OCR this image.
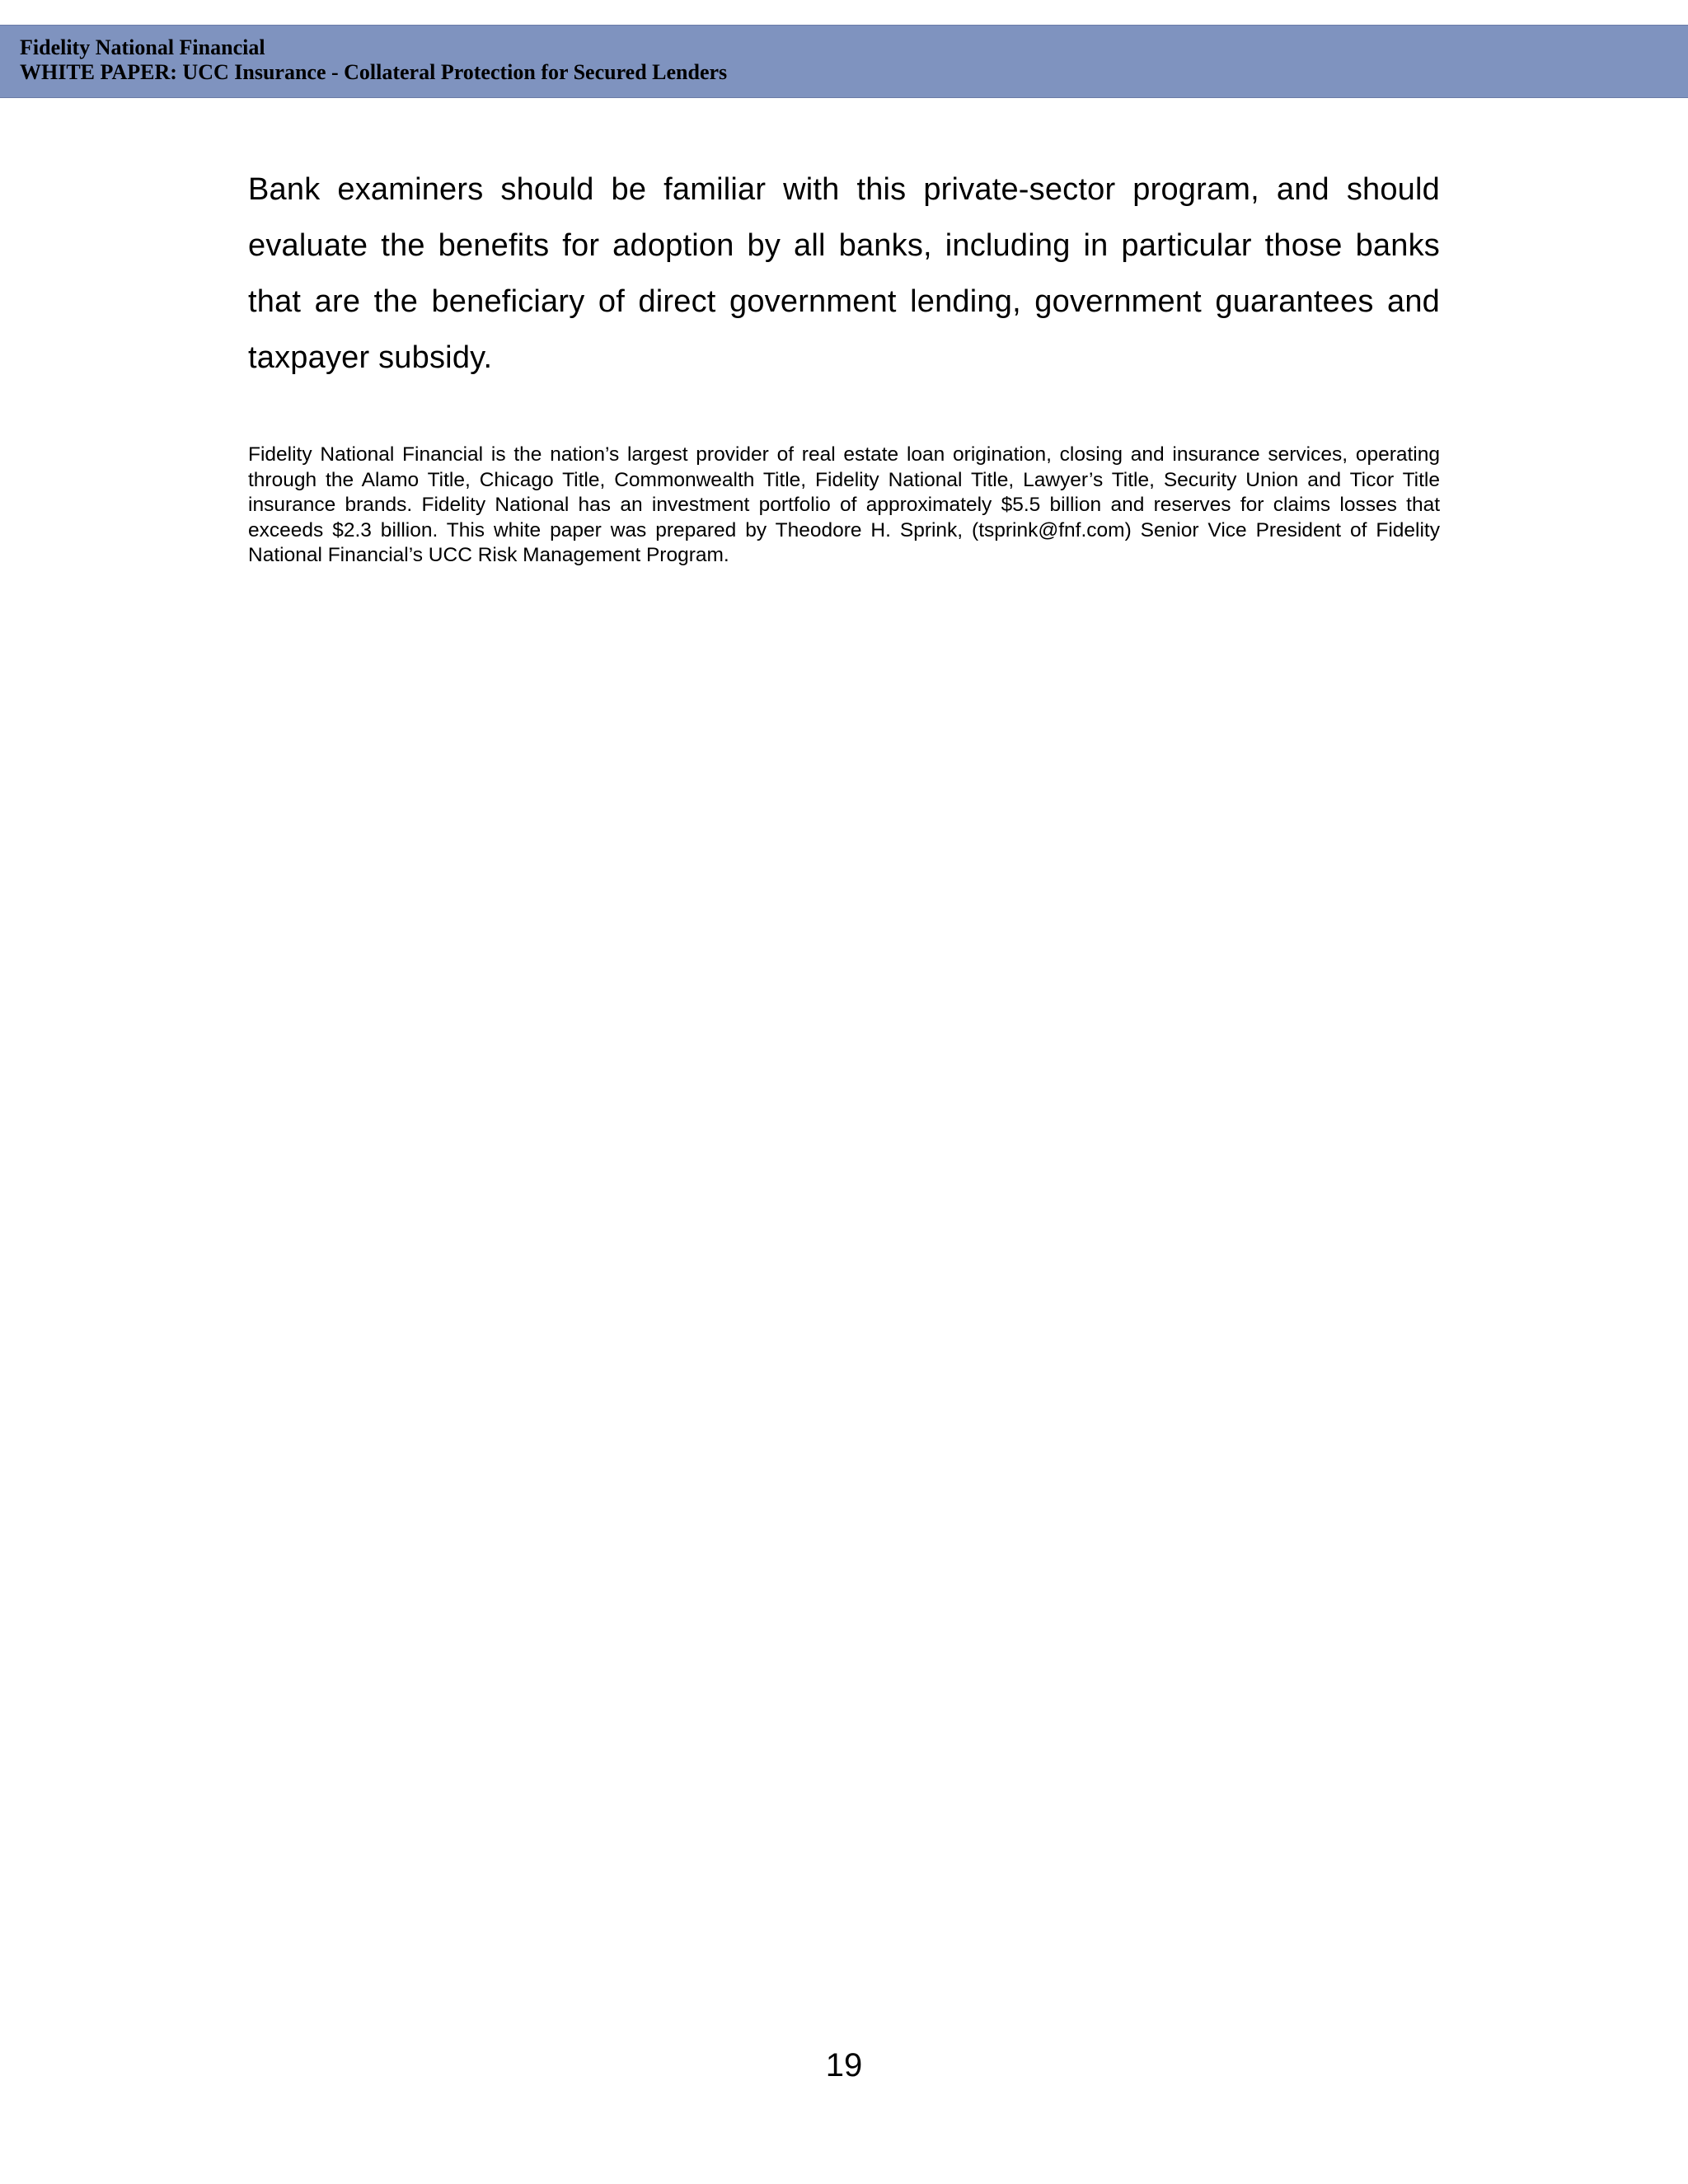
Fidelity National Financial
WHITE PAPER: UCC Insurance - Collateral Protection for Secured Lenders

Bank examiners should be familiar with this private-sector program, and should evaluate the benefits for adoption by all banks, including in particular those banks that are the beneficiary of direct government lending, government guarantees and taxpayer subsidy.

Fidelity National Financial is the nation’s largest provider of real estate loan origination, closing and insurance services, operating through the Alamo Title, Chicago Title, Commonwealth Title, Fidelity National Title, Lawyer’s Title, Security Union and Ticor Title insurance brands. Fidelity National has an investment portfolio of approximately $5.5 billion and reserves for claims losses that exceeds $2.3 billion. This white paper was prepared by Theodore H. Sprink, (tsprink@fnf.com) Senior Vice President of Fidelity National Financial’s UCC Risk Management Program.

19
